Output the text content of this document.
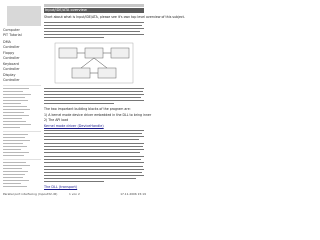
Computer
PIT Tutorial
DMA
Controller
Floppy
Controller
Keyboard
Controller
Display
Controller
Input/IDE/ATA overview
Short about what is Input/IDE/ATA, please see it's own top level overview of this subject.
The two important building blocks of the program are:
1) A kernel mode device driver embedded in the DLL to bring inner
2) The API load
Kernel mode driver (DeviceHandle)
The DLL (transport)
Parallel port interfacing (Inpout32.dll)	1 von 2	17.11.2006 15:19
